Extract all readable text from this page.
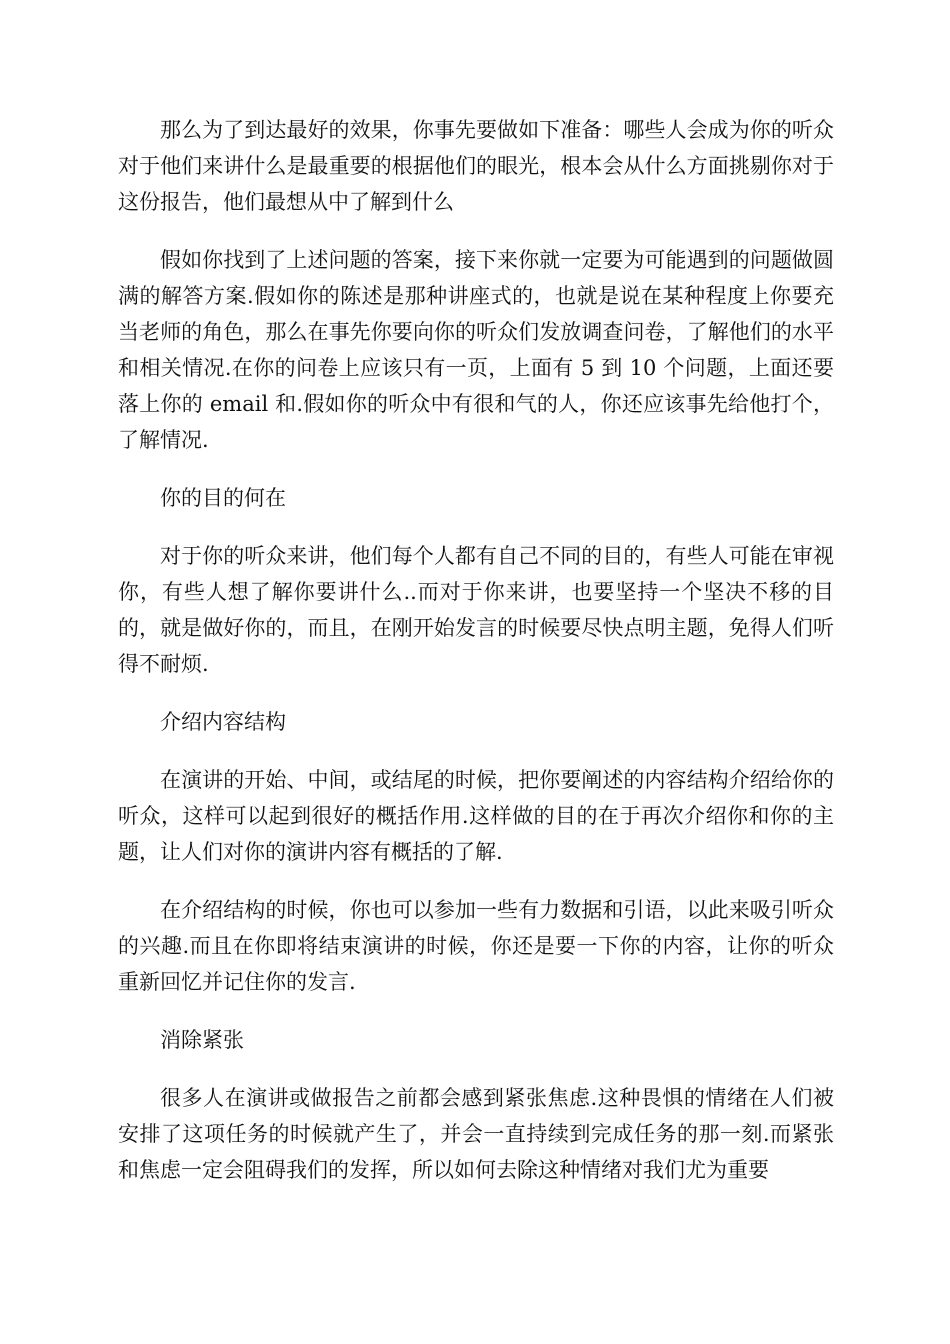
那么为了到达最好的效果，你事先要做如下准备：哪些人会成为你的听众对于他们来讲什么是最重要的根据他们的眼光，根本会从什么方面挑剔你对于这份报告，他们最想从中了解到什么

假如你找到了上述问题的答案，接下来你就一定要为可能遇到的问题做圆满的解答方案.假如你的陈述是那种讲座式的，也就是说在某种程度上你要充当老师的角色，那么在事先你要向你的听众们发放调查问卷，了解他们的水平和相关情况.在你的问卷上应该只有一页，上面有 5 到 10 个问题，上面还要落上你的 email 和.假如你的听众中有很和气的人，你还应该事先给他打个，了解情况.

你的目的何在

对于你的听众来讲，他们每个人都有自己不同的目的，有些人可能在审视你，有些人想了解你要讲什么..而对于你来讲，也要坚持一个坚决不移的目的，就是做好你的，而且，在刚开始发言的时候要尽快点明主题，免得人们听得不耐烦.

介绍内容结构

在演讲的开始、中间，或结尾的时候，把你要阐述的内容结构介绍给你的听众，这样可以起到很好的概括作用.这样做的目的在于再次介绍你和你的主题，让人们对你的演讲内容有概括的了解.

在介绍结构的时候，你也可以参加一些有力数据和引语，以此来吸引听众的兴趣.而且在你即将结束演讲的时候，你还是要一下你的内容，让你的听众重新回忆并记住你的发言.

消除紧张

很多人在演讲或做报告之前都会感到紧张焦虑.这种畏惧的情绪在人们被安排了这项任务的时候就产生了，并会一直持续到完成任务的那一刻.而紧张和焦虑一定会阻碍我们的发挥，所以如何去除这种情绪对我们尤为重要
